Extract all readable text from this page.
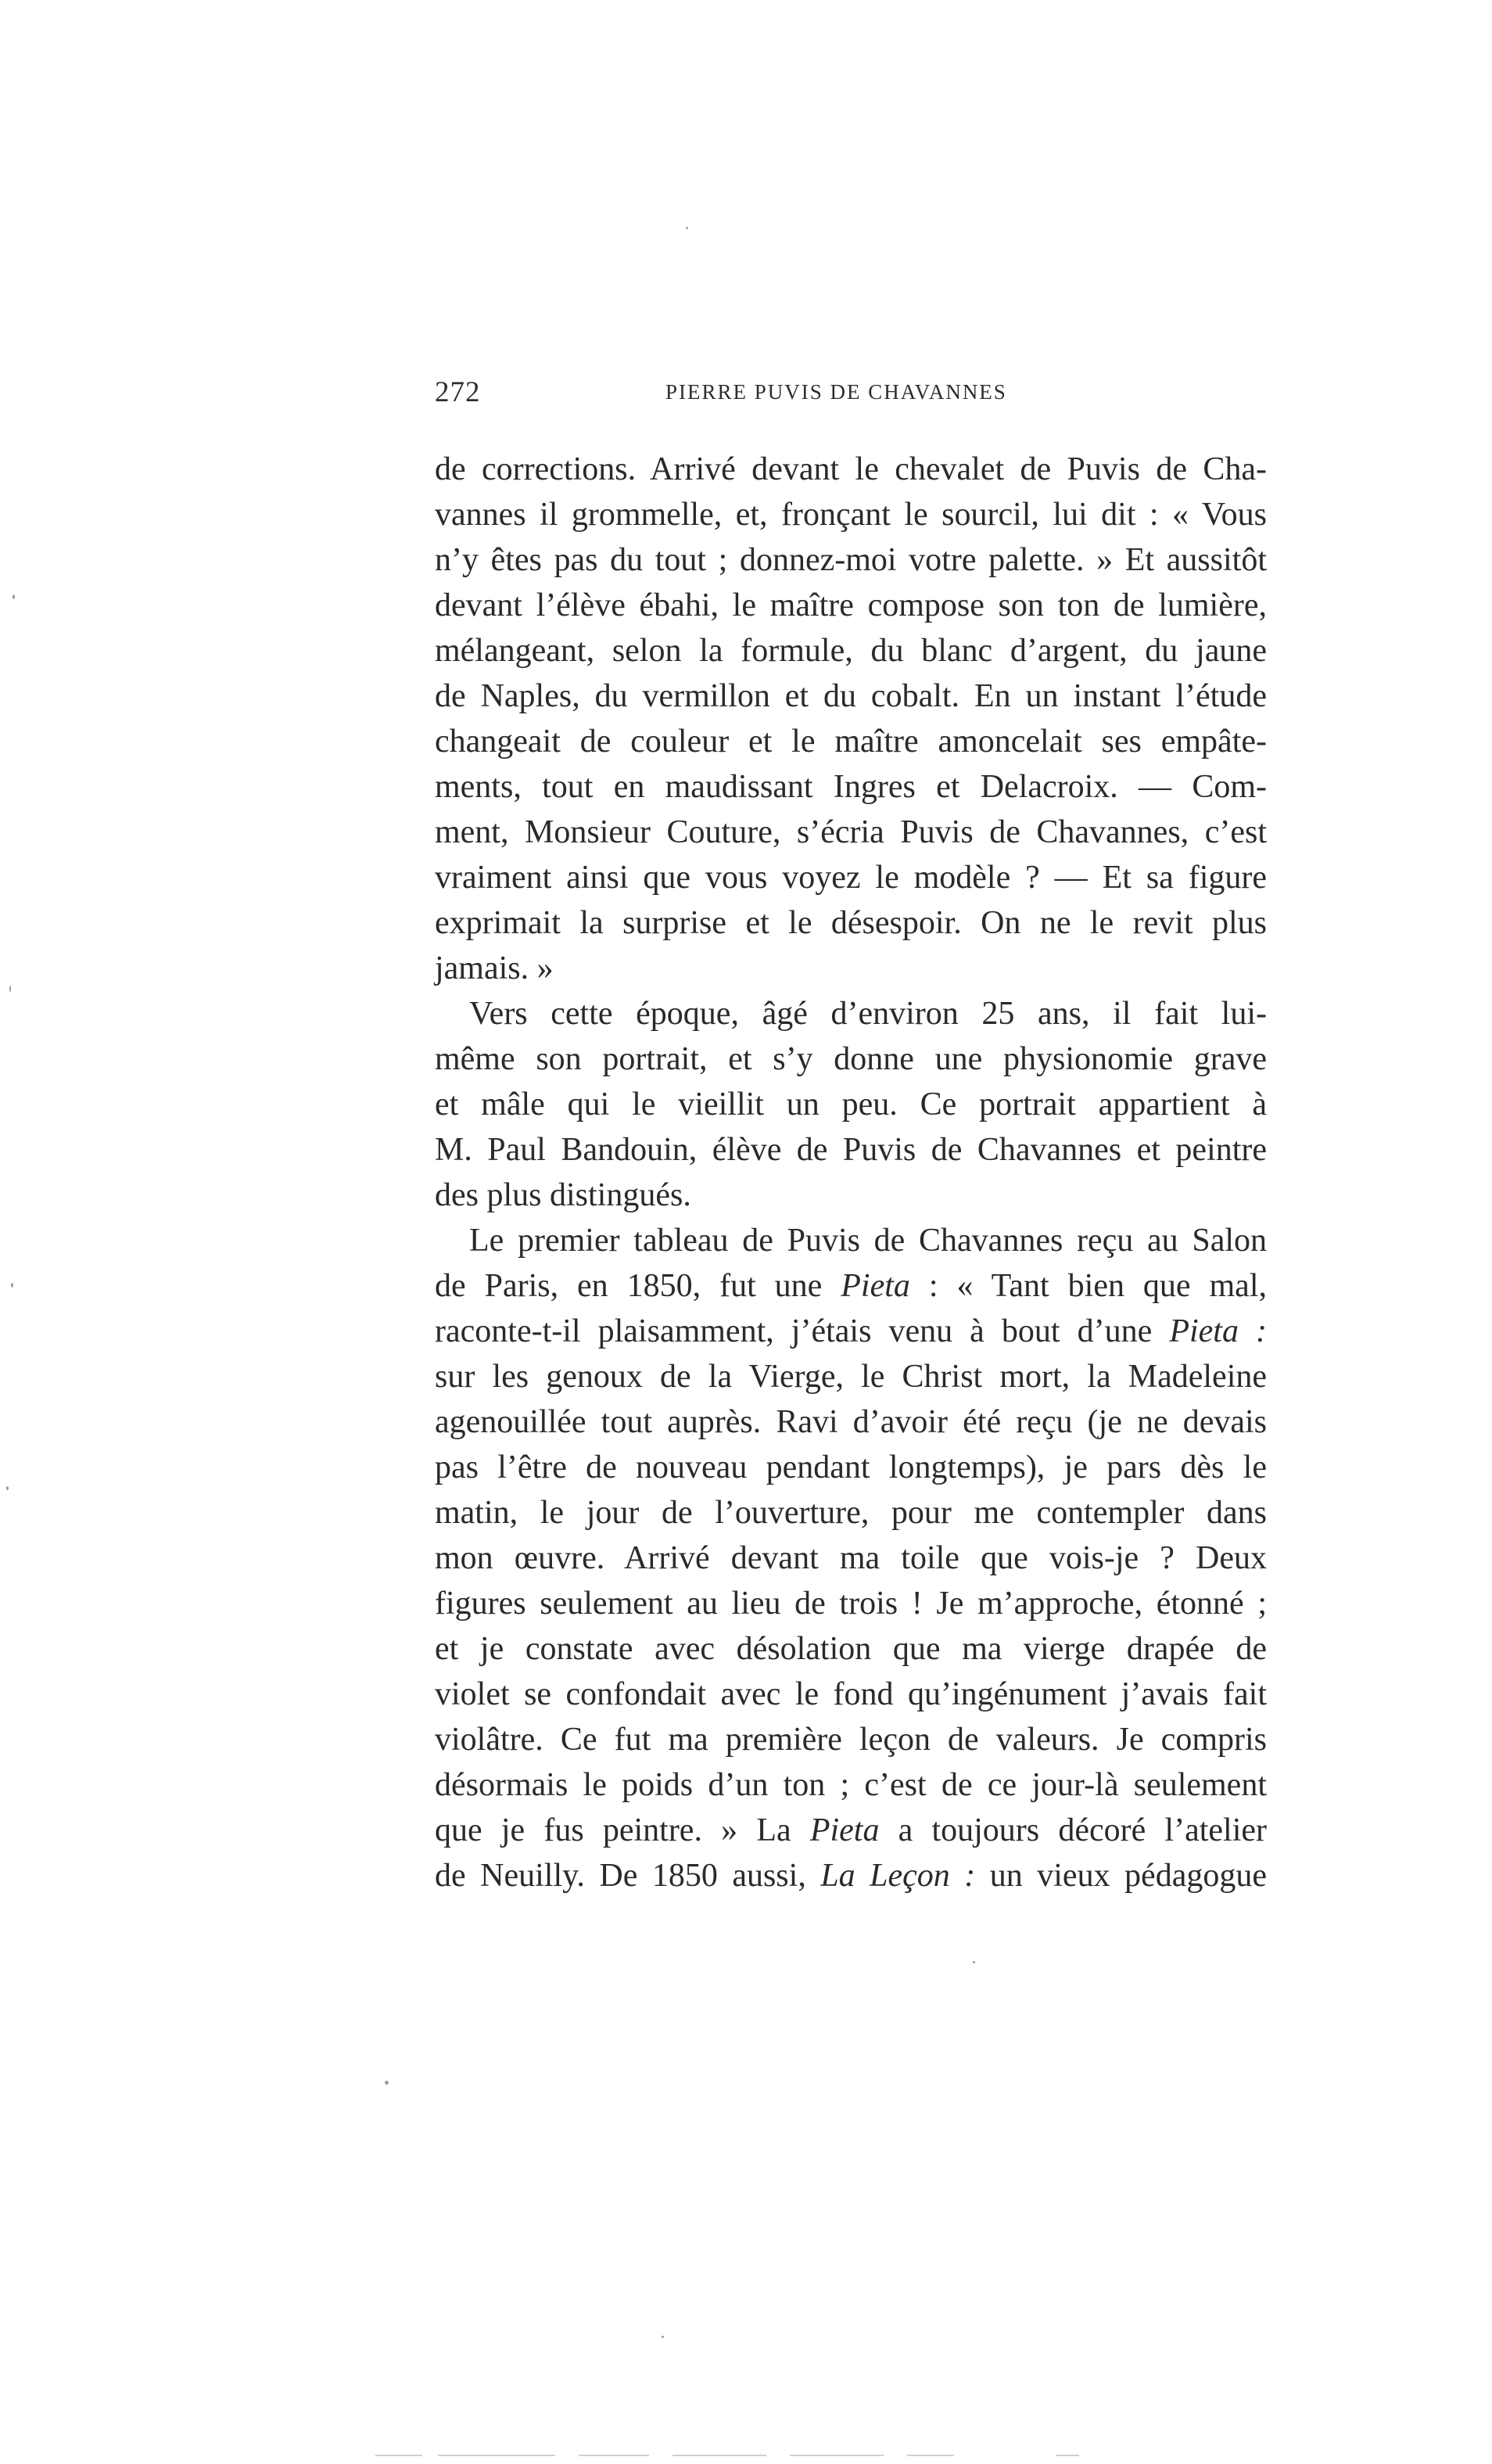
272	PIERRE PUVIS DE CHAVANNES
de corrections. Arrivé devant le chevalet de Puvis de Cha-
vannes il grommelle, et, fronçant le sourcil, lui dit : « Vous
n’y êtes pas du tout ; donnez-moi votre palette. » Et aussitôt
devant l’élève ébahi, le maître compose son ton de lumière,
mélangeant, selon la formule, du blanc d’argent, du jaune
de Naples, du vermillon et du cobalt. En un instant l’étude
changeait de couleur et le maître amoncelait ses empâte-
ments, tout en maudissant Ingres et Delacroix. — Com-
ment, Monsieur Couture, s’écria Puvis de Chavannes, c’est
vraiment ainsi que vous voyez le modèle ? — Et sa figure
exprimait la surprise et le désespoir. On ne le revit plus
jamais. »
Vers cette époque, âgé d’environ 25 ans, il fait lui-
même son portrait, et s’y donne une physionomie grave
et mâle qui le vieillit un peu. Ce portrait appartient à
M. Paul Bandouin, élève de Puvis de Chavannes et peintre
des plus distingués.
Le premier tableau de Puvis de Chavannes reçu au Salon
de Paris, en 1850, fut une Pieta : « Tant bien que mal,
raconte-t-il plaisamment, j’étais venu à bout d’une Pieta :
sur les genoux de la Vierge, le Christ mort, la Madeleine
agenouillée tout auprès. Ravi d’avoir été reçu (je ne devais
pas l’être de nouveau pendant longtemps), je pars dès le
matin, le jour de l’ouverture, pour me contempler dans
mon œuvre. Arrivé devant ma toile que vois-je ? Deux
figures seulement au lieu de trois ! Je m’approche, étonné ;
et je constate avec désolation que ma vierge drapée de
violet se confondait avec le fond qu’ingénument j’avais fait
violâtre. Ce fut ma première leçon de valeurs. Je compris
désormais le poids d’un ton ; c’est de ce jour-là seulement
que je fus peintre. » La Pieta a toujours décoré l’atelier
de Neuilly. De 1850 aussi, La Leçon : un vieux pédagogue
